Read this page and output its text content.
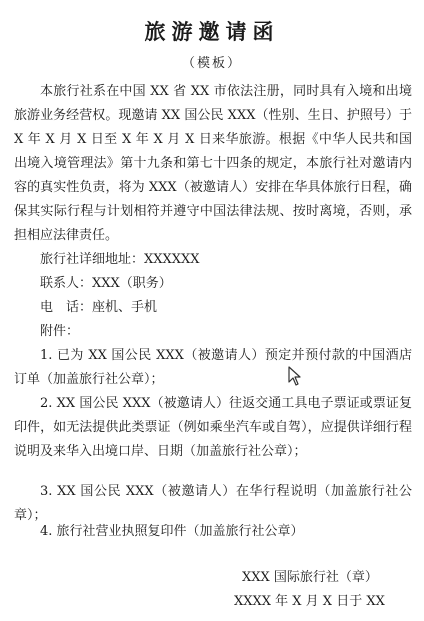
旅游邀请函
（模板）

本旅行社系在中国 XX 省 XX 市依法注册，同时具有入境和出境旅游业务经营权。现邀请 XX 国公民 XXX（性别、生日、护照号）于 X 年 X 月 X 日至 X 年 X 月 X 日来华旅游。根据《中华人民共和国出境入境管理法》第十九条和第七十四条的规定，本旅行社对邀请内容的真实性负责，将为 XXX（被邀请人）安排在华具体旅行日程，确保其实际行程与计划相符并遵守中国法律法规、按时离境，否则，承担相应法律责任。

旅行社详细地址：XXXXXX
联系人：XXX（职务）
电　话：座机、手机
附件：

1. 已为 XX 国公民 XXX（被邀请人）预定并预付款的中国酒店订单（加盖旅行社公章）；

2. XX 国公民 XXX（被邀请人）往返交通工具电子票证或票证复印件，如无法提供此类票证（例如乘坐汽车或自驾），应提供详细行程说明及来华入出境口岸、日期（加盖旅行社公章）；

3. XX 国公民 XXX（被邀请人）在华行程说明（加盖旅行社公章）；

4. 旅行社营业执照复印件（加盖旅行社公章）

XXX 国际旅行社（章）
XXXX 年 X 月 X 日于 XX
